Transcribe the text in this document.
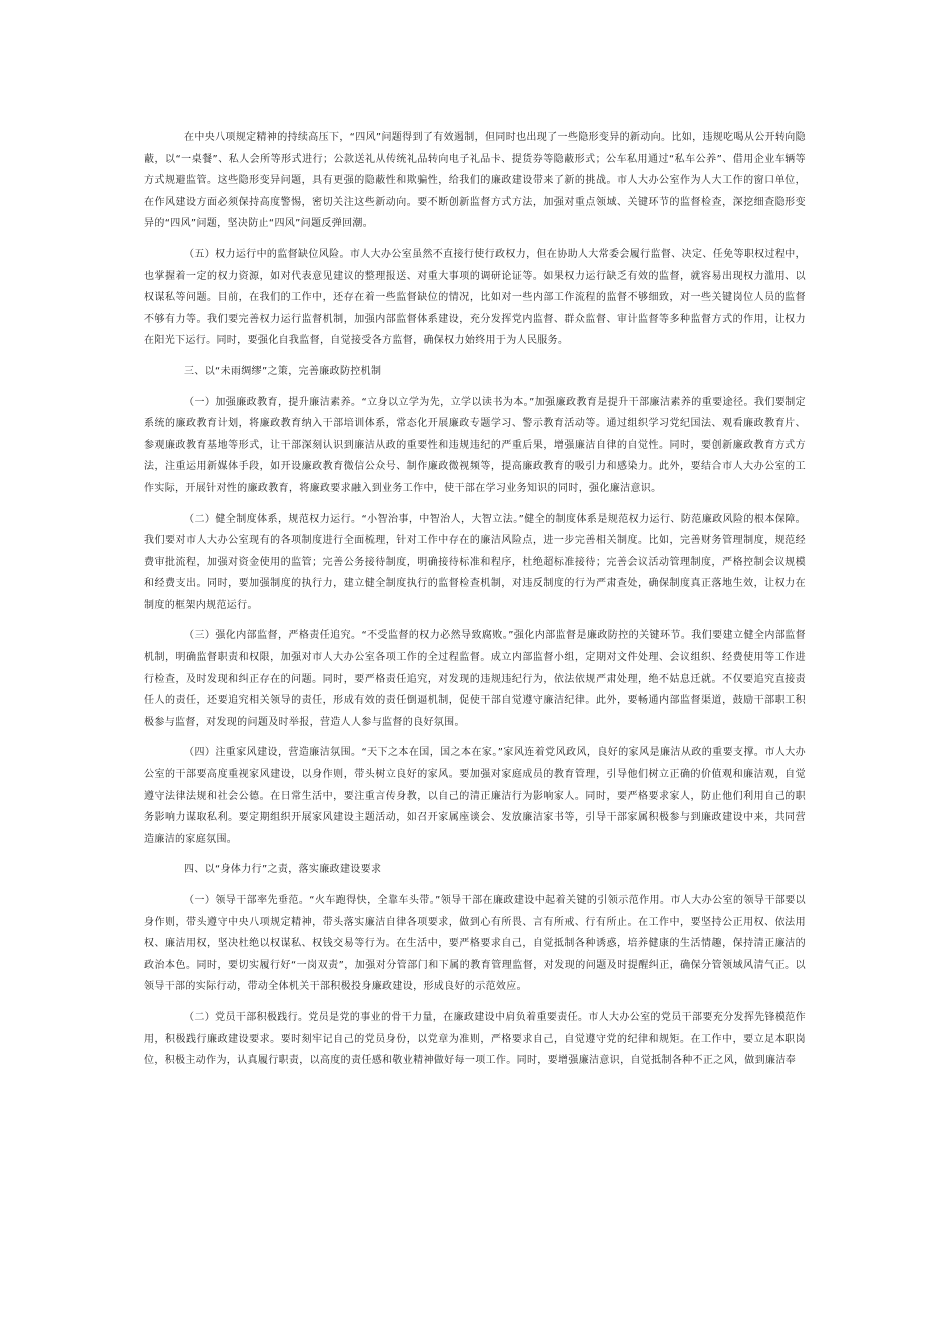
在中央八项规定精神的持续高压下，“四风”问题得到了有效遏制，但同时也出现了一些隐形变异的新动向。比如，违规吃喝从公开转向隐蔽，以“一桌餐”、私人会所等形式进行；公款送礼从传统礼品转向电子礼品卡、提货券等隐蔽形式；公车私用通过“私车公养”、借用企业车辆等方式规避监管。这些隐形变异问题，具有更强的隐蔽性和欺骗性，给我们的廉政建设带来了新的挑战。市人大办公室作为人大工作的窗口单位，在作风建设方面必须保持高度警惕，密切关注这些新动向。要不断创新监督方式方法，加强对重点领域、关键环节的监督检查，深挖细查隐形变异的“四风”问题，坚决防止“四风”问题反弹回潮。

（五）权力运行中的监督缺位风险。市人大办公室虽然不直接行使行政权力，但在协助人大常委会履行监督、决定、任免等职权过程中，也掌握着一定的权力资源，如对代表意见建议的整理报送、对重大事项的调研论证等。如果权力运行缺乏有效的监督，就容易出现权力滥用、以权谋私等问题。目前，在我们的工作中，还存在着一些监督缺位的情况，比如对一些内部工作流程的监督不够细致，对一些关键岗位人员的监督不够有力等。我们要完善权力运行监督机制，加强内部监督体系建设，充分发挥党内监督、群众监督、审计监督等多种监督方式的作用，让权力在阳光下运行。同时，要强化自我监督，自觉接受各方监督，确保权力始终用于为人民服务。

三、以“未雨绸缪”之策，完善廉政防控机制

（一）加强廉政教育，提升廉洁素养。“立身以立学为先，立学以读书为本。”加强廉政教育是提升干部廉洁素养的重要途径。我们要制定系统的廉政教育计划，将廉政教育纳入干部培训体系，常态化开展廉政专题学习、警示教育活动等。通过组织学习党纪国法、观看廉政教育片、参观廉政教育基地等形式，让干部深刻认识到廉洁从政的重要性和违规违纪的严重后果，增强廉洁自律的自觉性。同时，要创新廉政教育方式方法，注重运用新媒体手段，如开设廉政教育微信公众号、制作廉政微视频等，提高廉政教育的吸引力和感染力。此外，要结合市人大办公室的工作实际，开展针对性的廉政教育，将廉政要求融入到业务工作中，使干部在学习业务知识的同时，强化廉洁意识。

（二）健全制度体系，规范权力运行。“小智治事，中智治人，大智立法。”健全的制度体系是规范权力运行、防范廉政风险的根本保障。我们要对市人大办公室现有的各项制度进行全面梳理，针对工作中存在的廉洁风险点，进一步完善相关制度。比如，完善财务管理制度，规范经费审批流程，加强对资金使用的监管；完善公务接待制度，明确接待标准和程序，杜绝超标准接待；完善会议活动管理制度，严格控制会议规模和经费支出。同时，要加强制度的执行力，建立健全制度执行的监督检查机制，对违反制度的行为严肃查处，确保制度真正落地生效，让权力在制度的框架内规范运行。

（三）强化内部监督，严格责任追究。“不受监督的权力必然导致腐败。”强化内部监督是廉政防控的关键环节。我们要建立健全内部监督机制，明确监督职责和权限，加强对市人大办公室各项工作的全过程监督。成立内部监督小组，定期对文件处理、会议组织、经费使用等工作进行检查，及时发现和纠正存在的问题。同时，要严格责任追究，对发现的违规违纪行为，依法依规严肃处理，绝不姑息迁就。不仅要追究直接责任人的责任，还要追究相关领导的责任，形成有效的责任倒逼机制，促使干部自觉遵守廉洁纪律。此外，要畅通内部监督渠道，鼓励干部职工积极参与监督，对发现的问题及时举报，营造人人参与监督的良好氛围。

（四）注重家风建设，营造廉洁氛围。“天下之本在国，国之本在家。”家风连着党风政风，良好的家风是廉洁从政的重要支撑。市人大办公室的干部要高度重视家风建设，以身作则，带头树立良好的家风。要加强对家庭成员的教育管理，引导他们树立正确的价值观和廉洁观，自觉遵守法律法规和社会公德。在日常生活中，要注重言传身教，以自己的清正廉洁行为影响家人。同时，要严格要求家人，防止他们利用自己的职务影响力谋取私利。要定期组织开展家风建设主题活动，如召开家属座谈会、发放廉洁家书等，引导干部家属积极参与到廉政建设中来，共同营造廉洁的家庭氛围。

四、以“身体力行”之责，落实廉政建设要求

（一）领导干部率先垂范。“火车跑得快，全靠车头带。”领导干部在廉政建设中起着关键的引领示范作用。市人大办公室的领导干部要以身作则，带头遵守中央八项规定精神，带头落实廉洁自律各项要求，做到心有所畏、言有所戒、行有所止。在工作中，要坚持公正用权、依法用权、廉洁用权，坚决杜绝以权谋私、权钱交易等行为。在生活中，要严格要求自己，自觉抵制各种诱惑，培养健康的生活情趣，保持清正廉洁的政治本色。同时，要切实履行好“一岗双责”，加强对分管部门和下属的教育管理监督，对发现的问题及时提醒纠正，确保分管领域风清气正。以领导干部的实际行动，带动全体机关干部积极投身廉政建设，形成良好的示范效应。

（二）党员干部积极践行。党员是党的事业的骨干力量，在廉政建设中肩负着重要责任。市人大办公室的党员干部要充分发挥先锋模范作用，积极践行廉政建设要求。要时刻牢记自己的党员身份，以党章为准则，严格要求自己，自觉遵守党的纪律和规矩。在工作中，要立足本职岗位，积极主动作为，认真履行职责，以高度的责任感和敬业精神做好每一项工作。同时，要增强廉洁意识，自觉抵制各种不正之风，做到廉洁奉
